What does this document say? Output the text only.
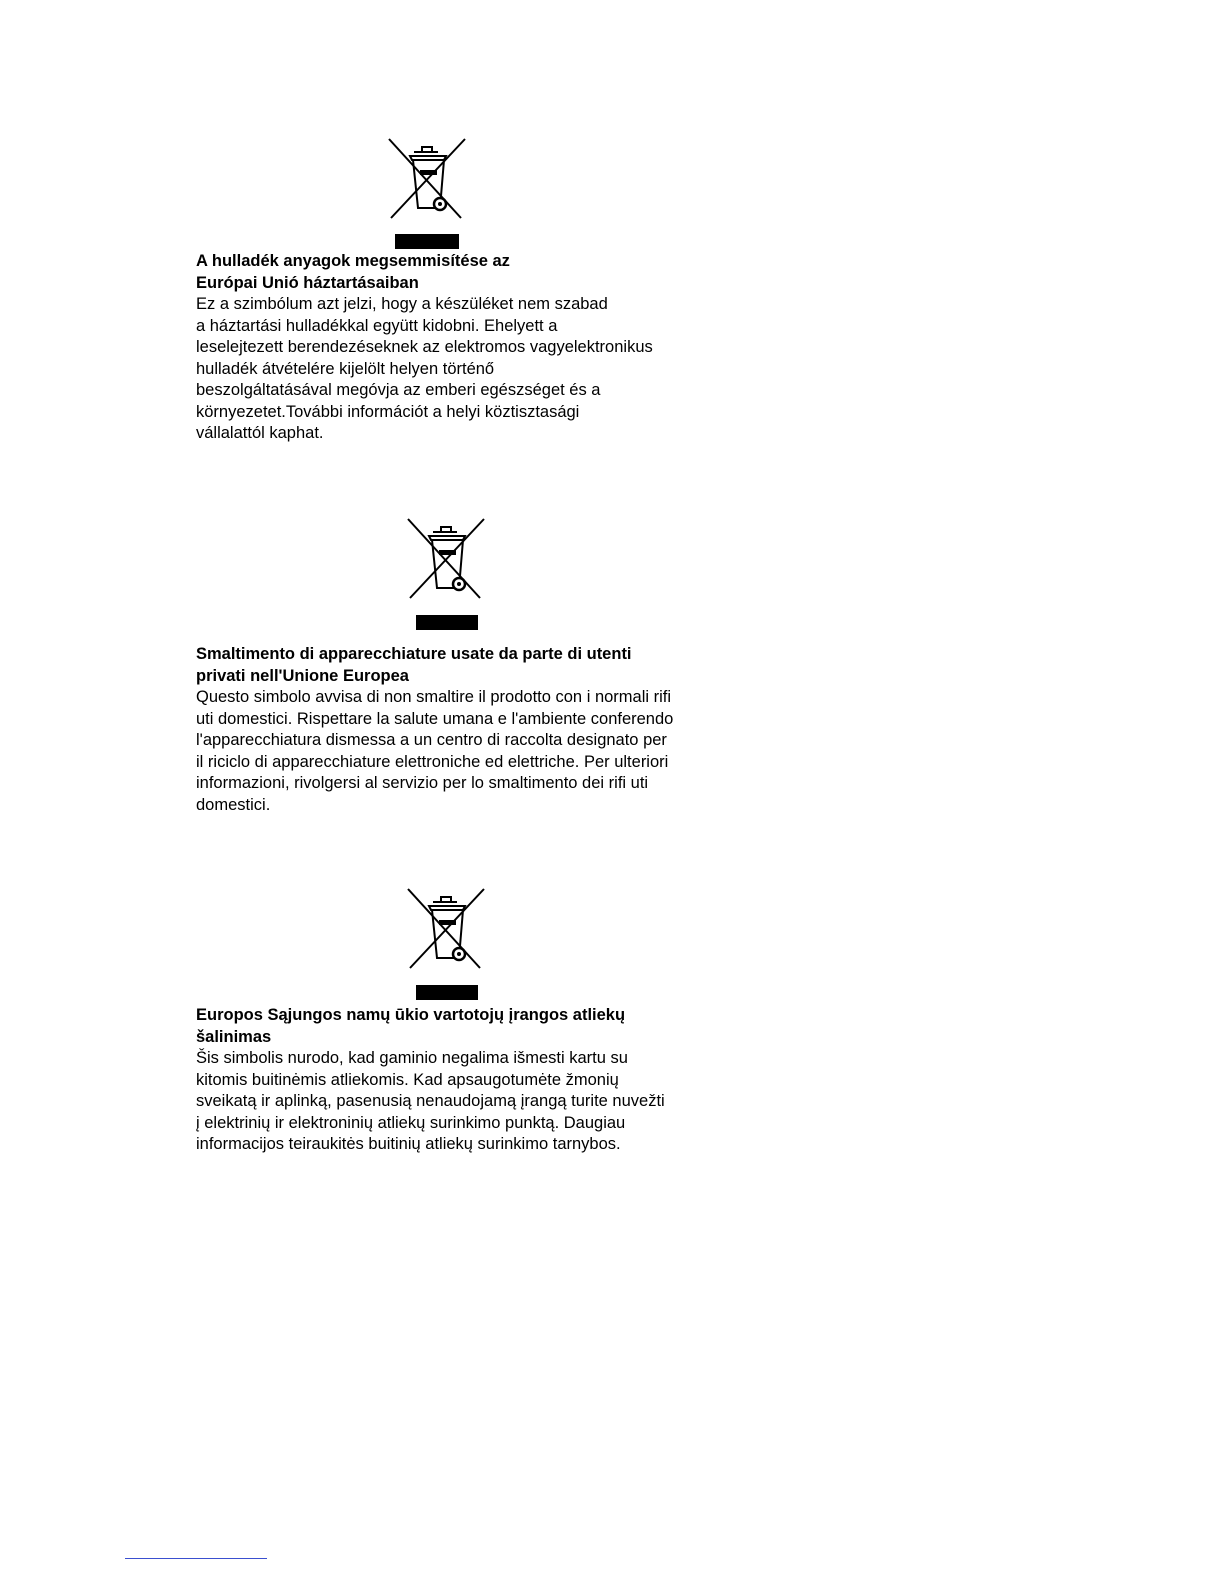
A hulladék anyagok megsemmisítése az
Európai Unió háztartásaiban

Ez a szimbólum azt jelzi, hogy a készüléket nem szabad
a háztartási hulladékkal együtt kidobni. Ehelyett a
leselejtezett berendezéseknek az elektromos vagyelektronikus
hulladék átvételére kijelölt helyen történő
beszolgáltatásával megóvja az emberi egészséget és a
környezetet.További információt a helyi köztisztasági
vállalattól kaphat.

Smaltimento di apparecchiature usate da parte di utenti
privati nell'Unione Europea

Questo simbolo avvisa di non smaltire il prodotto con i normali rifi
uti domestici. Rispettare la salute umana e l'ambiente conferendo
l'apparecchiatura dismessa a un centro di raccolta designato per
il riciclo di apparecchiature elettroniche ed elettriche. Per ulteriori
informazioni, rivolgersi al servizio per lo smaltimento dei rifi uti
domestici.

Europos Sąjungos namų ūkio vartotojų įrangos atliekų
šalinimas

Šis simbolis nurodo, kad gaminio negalima išmesti kartu su
kitomis buitinėmis atliekomis. Kad apsaugotumėte žmonių
sveikatą ir aplinką, pasenusią nenaudojamą įrangą turite nuvežti
į elektrinių ir elektroninių atliekų surinkimo punktą. Daugiau
informacijos teiraukitės buitinių atliekų surinkimo tarnybos.
